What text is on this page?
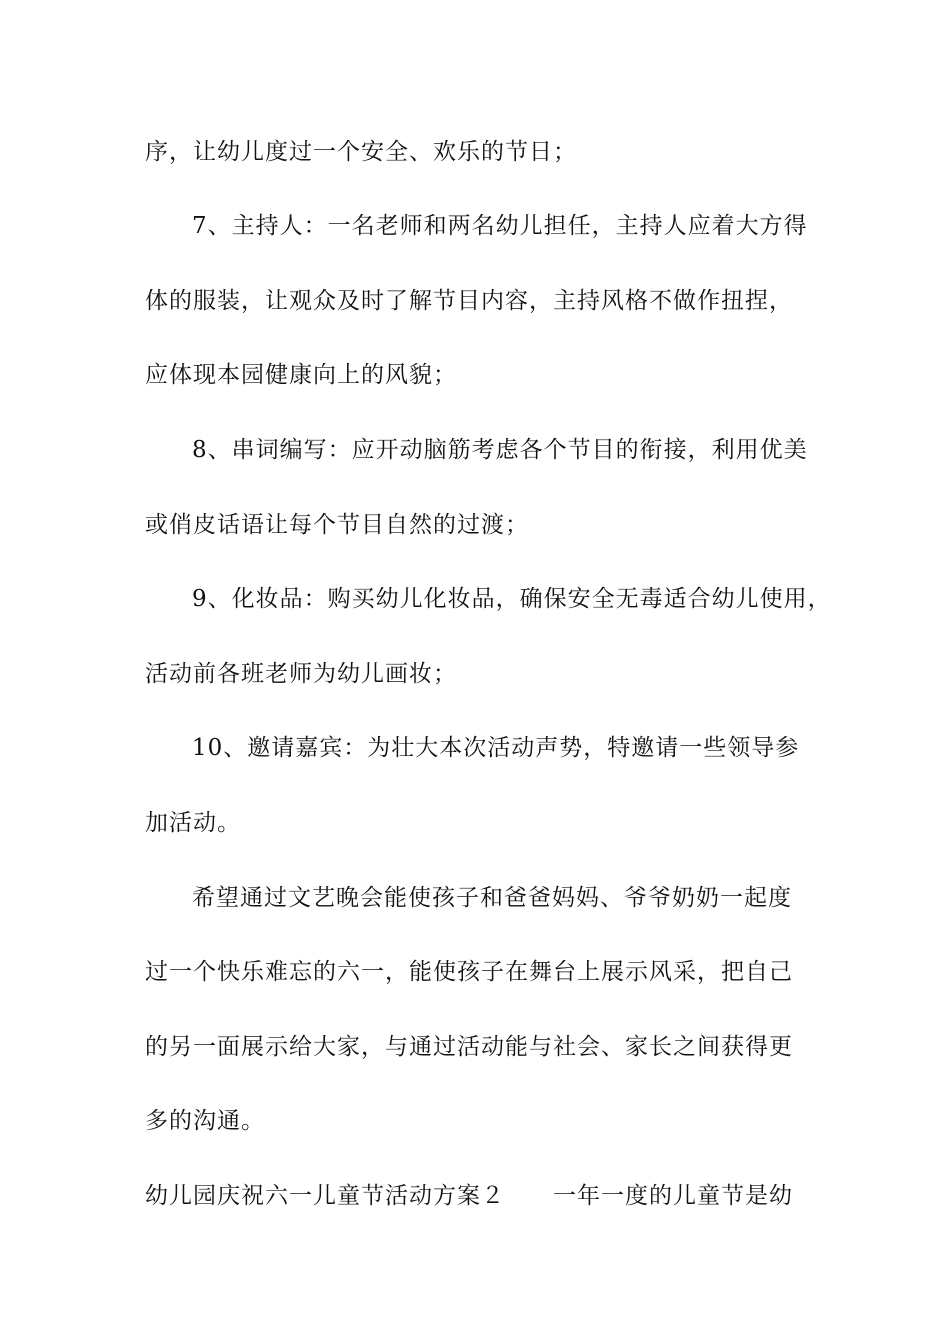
序，让幼儿度过一个安全、欢乐的节日；
7、主持人：一名老师和两名幼儿担任，主持人应着大方得
体的服装，让观众及时了解节目内容，主持风格不做作扭捏，
应体现本园健康向上的风貌；
8、串词编写：应开动脑筋考虑各个节目的衔接，利用优美
或俏皮话语让每个节目自然的过渡；
9、化妆品：购买幼儿化妆品，确保安全无毒适合幼儿使用，
活动前各班老师为幼儿画妆；
10、邀请嘉宾：为壮大本次活动声势，特邀请一些领导参
加活动。
希望通过文艺晚会能使孩子和爸爸妈妈、爷爷奶奶一起度
过一个快乐难忘的六一，能使孩子在舞台上展示风采，把自己
的另一面展示给大家，与通过活动能与社会、家长之间获得更
多的沟通。
幼儿园庆祝六一儿童节活动方案２　　一年一度的儿童节是幼
